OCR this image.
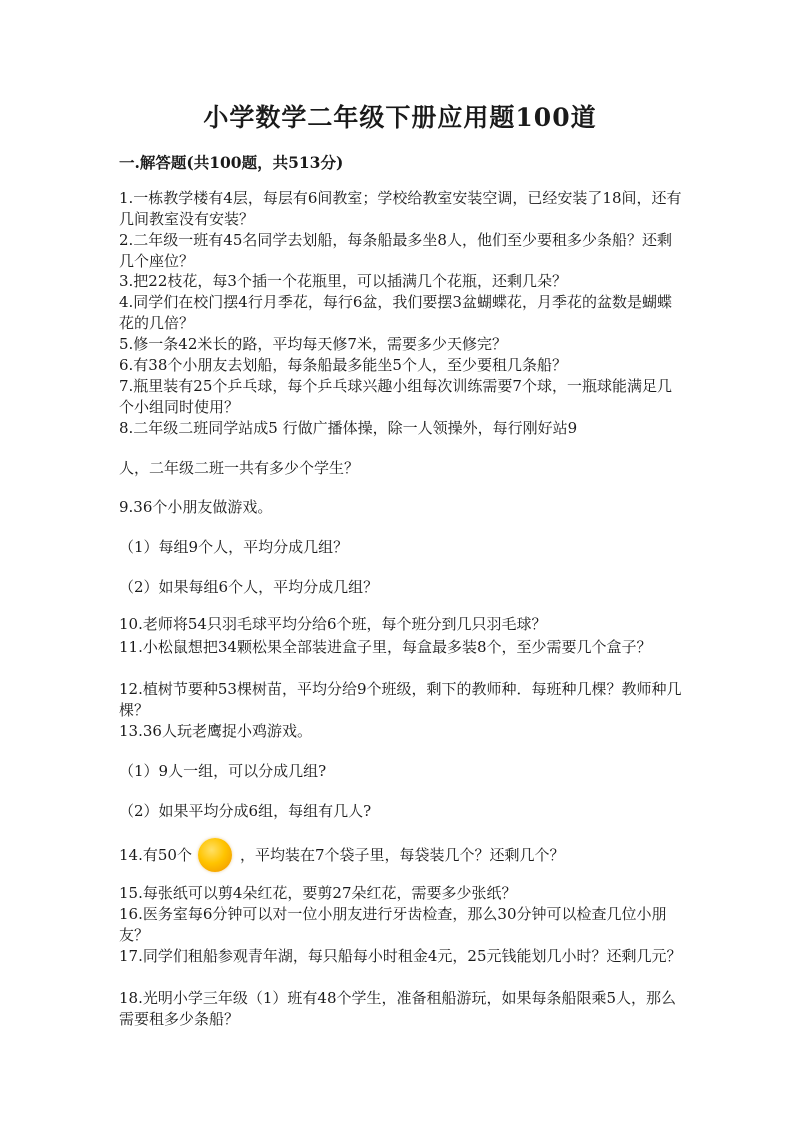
小学数学二年级下册应用题100道
一.解答题(共100题，共513分)
1.一栋教学楼有4层，每层有6间教室；学校给教室安装空调，已经安装了18间，还有几间教室没有安装？
2.二年级一班有45名同学去划船，每条船最多坐8人，他们至少要租多少条船？还剩几个座位？
3.把22枝花，每3个插一个花瓶里，可以插满几个花瓶，还剩几朵？
4.同学们在校门摆4行月季花，每行6盆，我们要摆3盆蝴蝶花，月季花的盆数是蝴蝶花的几倍？
5.修一条42米长的路，平均每天修7米，需要多少天修完？
6.有38个小朋友去划船，每条船最多能坐5个人，至少要租几条船？
7.瓶里装有25个乒乓球，每个乒乓球兴趣小组每次训练需要7个球，一瓶球能满足几个小组同时使用？
8.二年级二班同学站成5 行做广播体操，除一人领操外，每行刚好站9
人，二年级二班一共有多少个学生？
9.36个小朋友做游戏。
（1）每组9个人，平均分成几组？
（2）如果每组6个人，平均分成几组？
10.老师将54只羽毛球平均分给6个班，每个班分到几只羽毛球？
11.小松鼠想把34颗松果全部装进盒子里，每盒最多装8个，至少需要几个盒子？
12.植树节要种53棵树苗，平均分给9个班级，剩下的教师种．每班种几棵？教师种几棵？
13.36人玩老鹰捉小鸡游戏。
（1）9人一组，可以分成几组?
（2）如果平均分成6组，每组有几人?
14.有50个	，平均装在7个袋子里，每袋装几个？还剩几个？
15.每张纸可以剪4朵红花，要剪27朵红花，需要多少张纸？
16.医务室每6分钟可以对一位小朋友进行牙齿检查，那么30分钟可以检查几位小朋友？
17.同学们租船参观青年湖，每只船每小时租金4元，25元钱能划几小时？还剩几元？
18.光明小学三年级（1）班有48个学生，准备租船游玩，如果每条船限乘5人，那么需要租多少条船？
